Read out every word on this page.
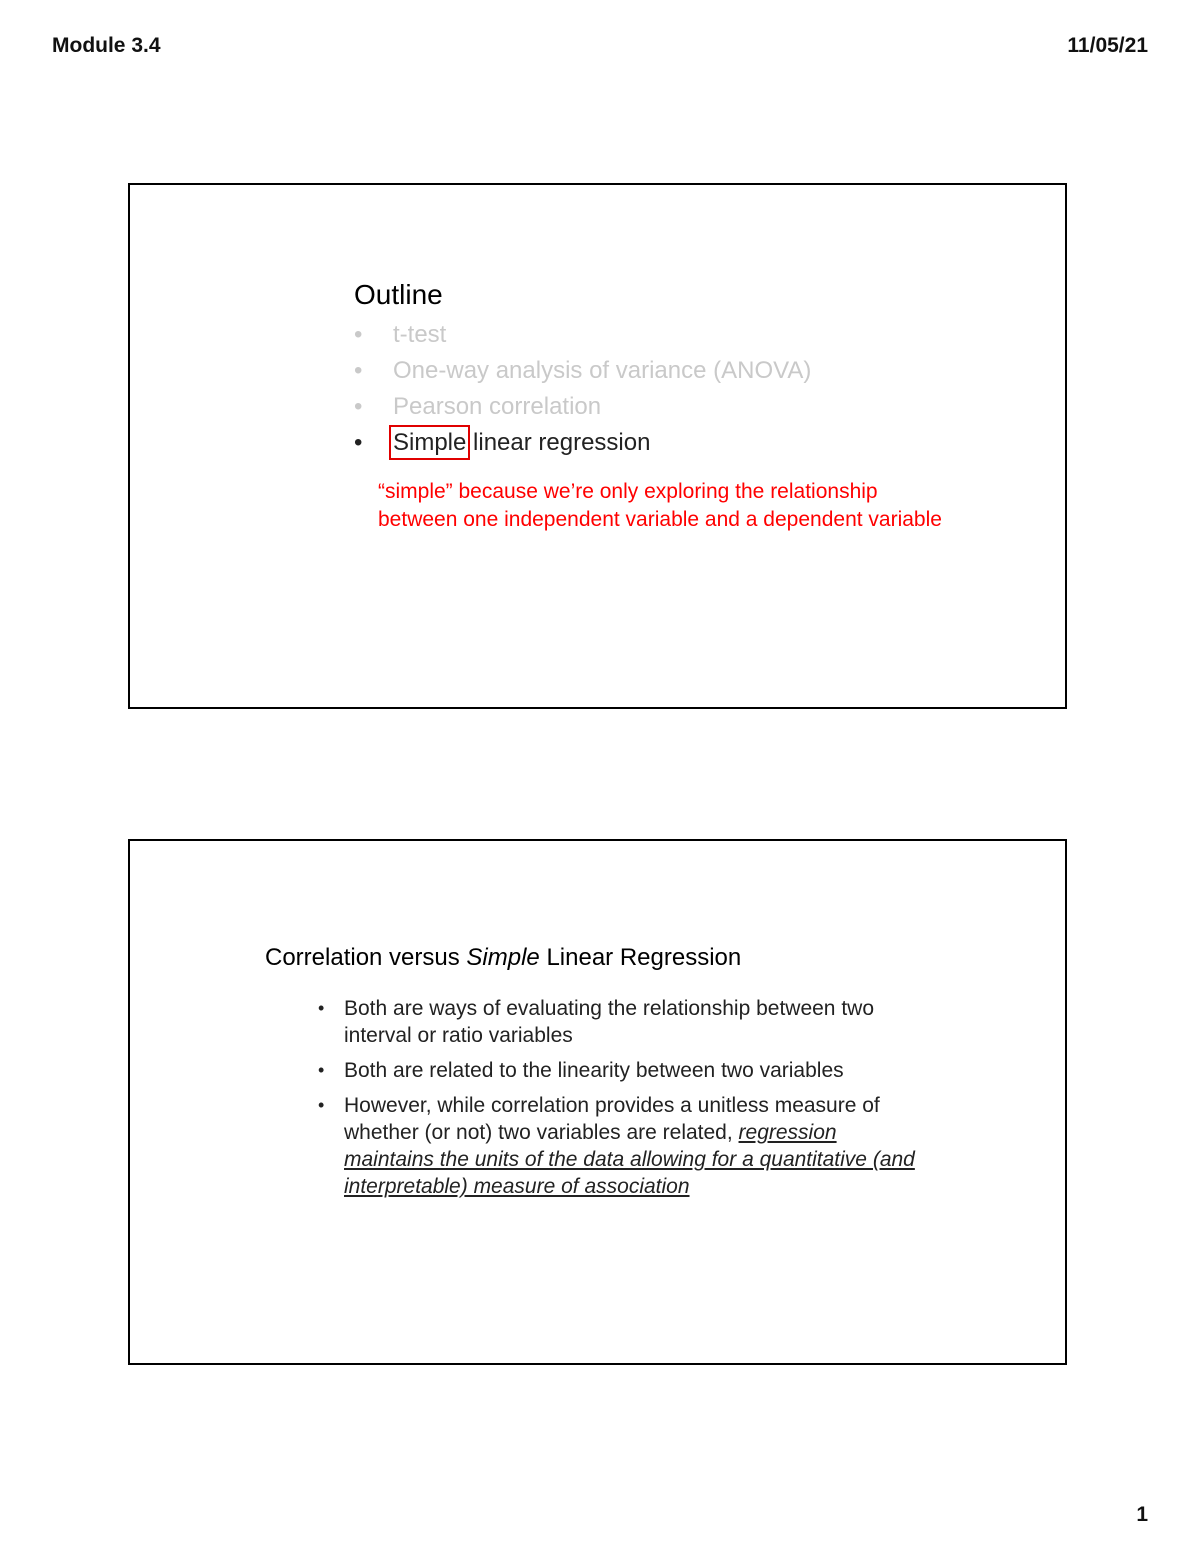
Module 3.4	11/05/21
Outline
• t-test
• One-way analysis of variance (ANOVA)
• Pearson correlation
• Simple linear regression
“simple” because we’re only exploring the relationship
between one independent variable and a dependent variable
Correlation versus Simple Linear Regression
• Both are ways of evaluating the relationship between two interval or ratio variables
• Both are related to the linearity between two variables
• However, while correlation provides a unitless measure of whether (or not) two variables are related, regression maintains the units of the data allowing for a quantitative (and interpretable) measure of association
1
